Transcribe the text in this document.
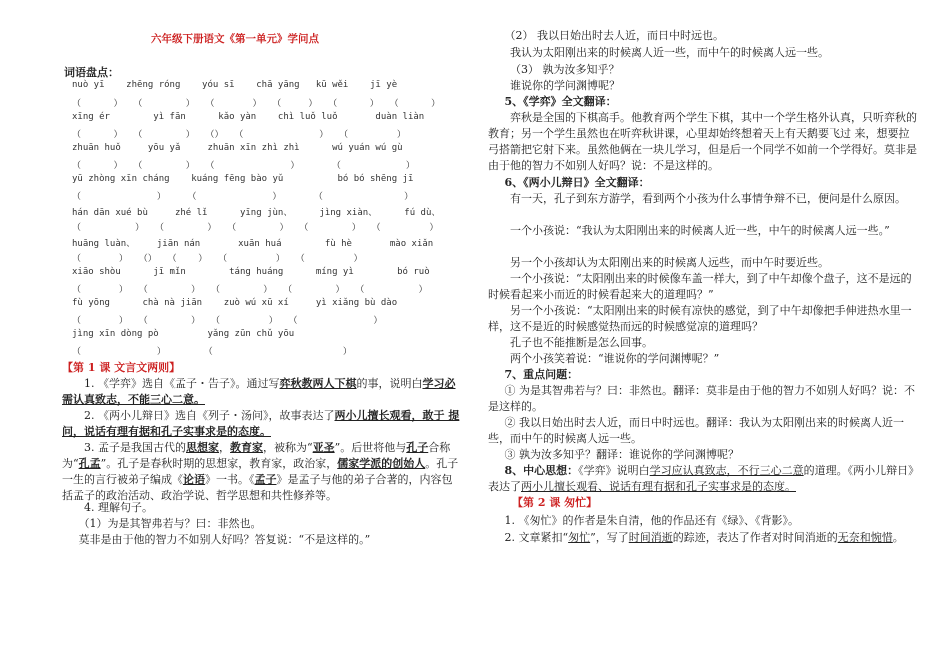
六年级下册语文《第一单元》学问点
词语盘点：
nuò yī    zhēng róng    yóu sī    chā yāng   kū wěi    jī yè
（      ）  （        ）  （       ）  （     ）  （      ）  （      ）
xīng ér        yì fān      kǎo yàn    chì luǒ luǒ       duàn liàn
（      ）  （        ）  （）  （              ）  （         ）
zhuān huǒ     yōu yǎ     zhuān xīn zhì zhì      wú yuán wú gù
（      ）  （        ）  （              ）      （            ）
yū zhòng xīn cháng    kuáng fēng bào yǔ          bó bó shēng jī
（              ）    （              ）      （               ）
hán dān xué bù     zhé lǐ      yīng jùn、     jìng xiàn、     fú dù、
（          ）  （        ）  （        ）  （        ）  （         ）
huāng luàn、    jiān nán       xuān huá        fù hè       mào xiǎn
（       ）  （）  （    ）  （         ）  （         ）
xiāo shòu      jī mǐn        táng huáng      míng yì        bó ruò
（       ）  （        ）  （        ）  （        ）  （          ）
fù yōng      chà nà jiān    zuò wú xū xí     yì xiǎng bù dào
（       ）  （        ）  （         ）  （              ）
jìng xīn dòng pò         yǎng zūn chǔ yōu
（              ）       （                        ）
【第 1 课 文言文两则】
1. 《学弈》选自《孟子・告子》。通过写弈秋教两人下棋的事，说明白学习必需认真致志，不能三心二意。
2. 《两小儿辩日》选自《列子・汤问》，故事表达了两小儿擅长观看，敢于 提问，说话有理有据和孔子实事求是的态度。
3. 孟子是我国古代的思想家，教育家，被称为“亚圣”。后世将他与孔子合称为“孔孟”。孔子是春秋时期的思想家，教育家，政治家，儒家学派的创始人。孔子一生的言行被弟子编成《论语》一书。《孟子》是孟子与他的弟子合著的，内容包括孟子的政治活动、政治学说、哲学思想和共性修养等。
4. 理解句子。
（1）为是其智弗若与？曰：非然也。
莫非是由于他的智力不如别人好吗？答复说：“不是这样的。”
（2） 我以日始出时去人近，而日中时远也。
我认为太阳刚出来的时候离人近一些，而中午的时候离人远一些。
（3） 孰为汝多知乎？
谁说你的学问渊博呢？
5、《学弈》全文翻译：
弈秋是全国的下棋高手。他教育两个学生下棋，其中一个学生格外认真，只听弈秋的教育；另一个学生虽然也在听弈秋讲课，心里却始终想着天上有天鹅要飞过 来，想要拉弓搭箭把它射下来。虽然他俩在一块儿学习，但是后一个同学不如前一个学得好。莫非是由于他的智力不如别人好吗？说：不是这样的。
6、《两小儿辩日》全文翻译：
有一天，孔子到东方游学，看到两个小孩为什么事情争辩不已，便问是什么原因。
一个小孩说：“我认为太阳刚出来的时候离人近一些，中午的时候离人远一些。”
另一个小孩却认为太阳刚出来的时候离人远些，而中午时要近些。
一个小孩说：“太阳刚出来的时候像车盖一样大，到了中午却像个盘子，这不是远的时候看起来小而近的时候看起来大的道理吗？”
另一个小孩说：“太阳刚出来的时候有凉快的感觉，到了中午却像把手伸进热水里一样，这不是近的时候感觉热而远的时候感觉凉的道理吗？
孔子也不能推断是怎么回事。
两个小孩笑着说：“谁说你的学问渊博呢？”
7、重点问题：
① 为是其智弗若与？曰：非然也。翻译：莫非是由于他的智力不如别人好吗？说：不是这样的。
② 我以日始出时去人近，而日中时远也。翻译：我认为太阳刚出来的时候离人近一些，而中午的时候离人远一些。
③ 孰为汝多知乎？翻译：谁说你的学问渊博呢？
8、中心思想：《学弈》说明白学习应认真致志，不行三心二意的道理。《两小儿辩日》表达了两小儿擅长观看、说话有理有据和孔子实事求是的态度。
【第 2 课 匆忙】
1. 《匆忙》的作者是朱自清，他的作品还有《绿》、《背影》。
2. 文章紧扣“匆忙”，写了时间消逝的踪迹，表达了作者对时间消逝的无奈和惋惜。
